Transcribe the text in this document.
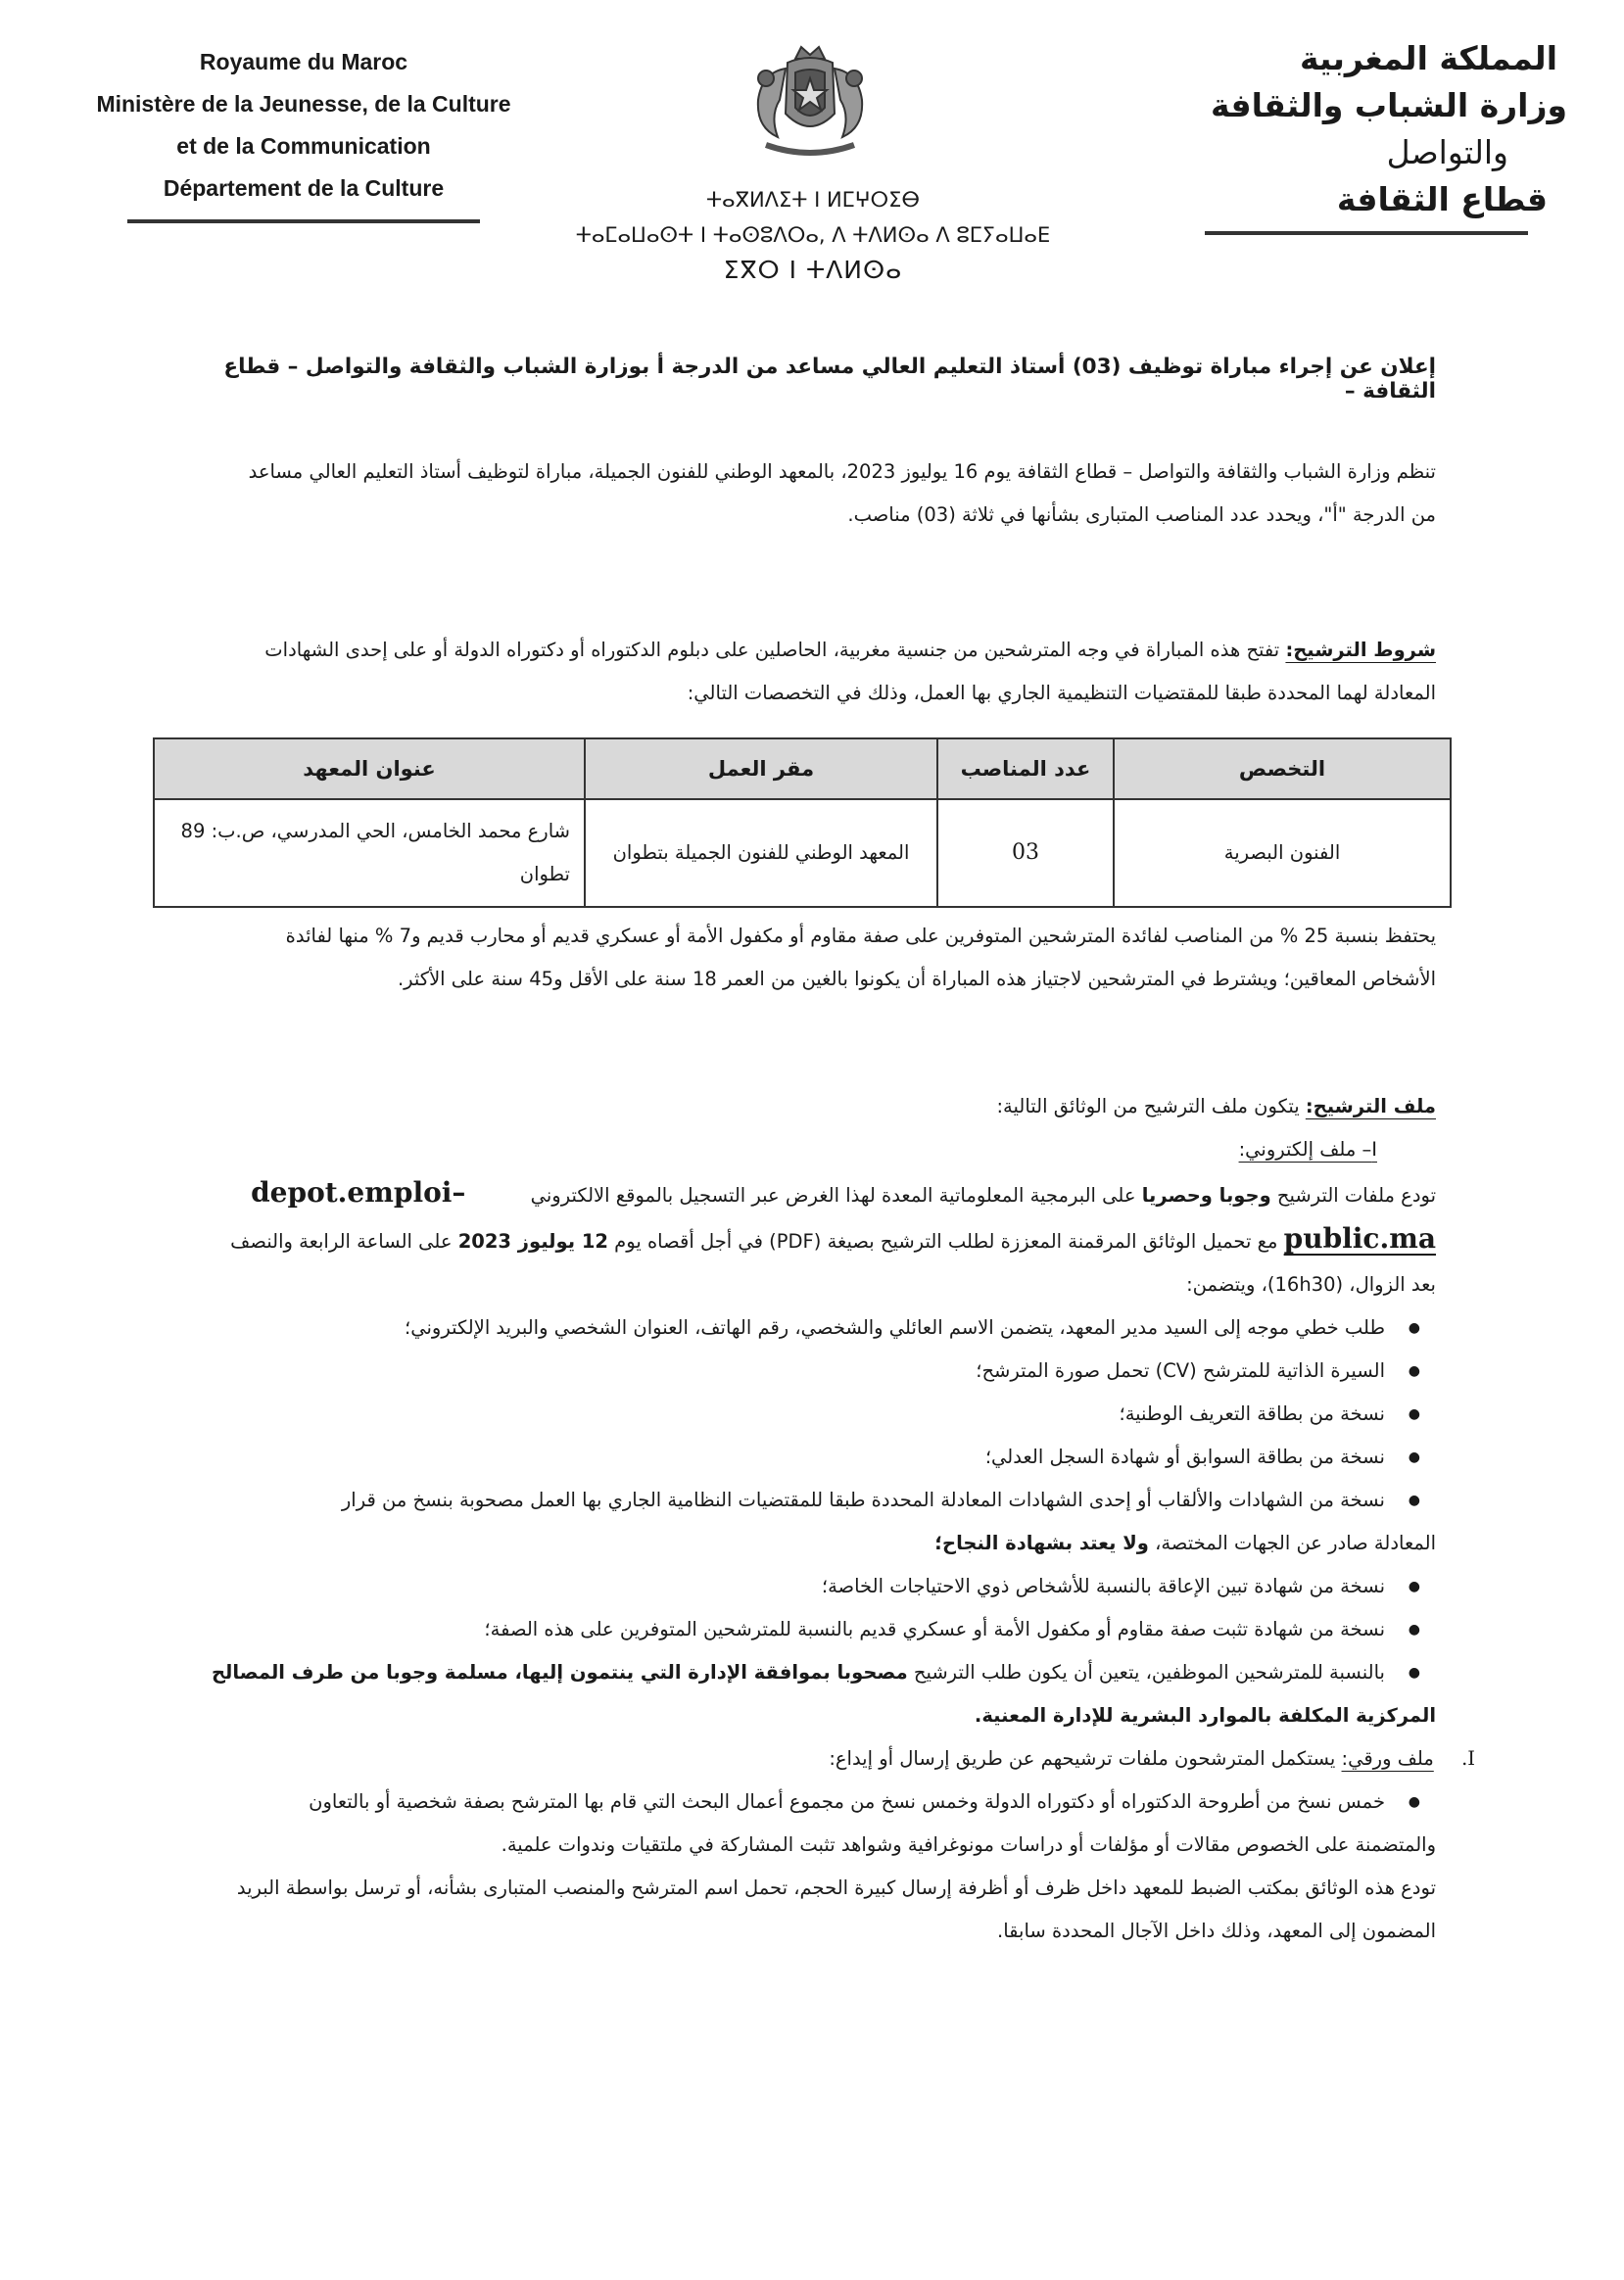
Royaume du Maroc
Ministère de la Jeunesse, de la Culture
et de la Communication
Département de la Culture	ⵜⴰⴳⵍⴷⵉⵜ ⵏ ⵍⵎⵖⵔⵉⴱ
ⵜⴰⵎⴰⵡⴰⵙⵜ ⵏ ⵜⴰⵙⵓⴷⵔⴰ, ⴷ ⵜⴷⵍⵙⴰ ⴷ ⵓⵎⵢⴰⵡⴰⴹ
ⵉⴳⵔ ⵏ ⵜⴷⵍⵙⴰ
المملكة المغربية
وزارة الشباب والثقافة
والتواصل
قطاع الثقافة
إعلان عن إجراء مباراة توظيف (03) أستاذ التعليم العالي مساعد من الدرجة أ بوزارة الشباب والثقافة والتواصل – قطاع الثقافة –
تنظم وزارة الشباب والثقافة والتواصل – قطاع الثقافة يوم 16 يوليوز 2023، بالمعهد الوطني للفنون الجميلة، مباراة لتوظيف أستاذ التعليم العالي مساعد
من الدرجة "أ"، ويحدد عدد المناصب المتبارى بشأنها في ثلاثة (03) مناصب.
شروط الترشيح: تفتح هذه المباراة في وجه المترشحين من جنسية مغربية، الحاصلين على دبلوم الدكتوراه أو دكتوراه الدولة أو على إحدى الشهادات
المعادلة لهما المحددة طبقا للمقتضيات التنظيمية الجاري بها العمل، وذلك في التخصصات التالي:
التخصص	عدد المناصب	مقر العمل	عنوان المعهد
الفنون البصرية	03	المعهد الوطني للفنون الجميلة بتطوان	شارع محمد الخامس، الحي المدرسي، ص.ب: 89
تطوان
يحتفظ بنسبة 25 % من المناصب لفائدة المترشحين المتوفرين على صفة مقاوم أو مكفول الأمة أو عسكري قديم أو محارب قديم و7 % منها لفائدة
الأشخاص المعاقين؛ ويشترط في المترشحين لاجتياز هذه المباراة أن يكونوا بالغين من العمر 18 سنة على الأقل و45 سنة على الأكثر.
ملف الترشيح: يتكون ملف الترشيح من الوثائق التالية:
I– ملف إلكتروني:
تودع ملفات الترشيح وجوبا وحصريا على البرمجية المعلوماتية المعدة لهذا الغرض عبر التسجيل بالموقع الالكتروني depot.emploi–
public.ma مع تحميل الوثائق المرقمنة المعززة لطلب الترشيح بصيغة (PDF) في أجل أقصاه يوم 12 يوليوز 2023 على الساعة الرابعة والنصف
بعد الزوال، (16h30)، ويتضمن:
● طلب خطي موجه إلى السيد مدير المعهد، يتضمن الاسم العائلي والشخصي، رقم الهاتف، العنوان الشخصي والبريد الإلكتروني؛
● السيرة الذاتية للمترشح (CV) تحمل صورة المترشح؛
● نسخة من بطاقة التعريف الوطنية؛
● نسخة من بطاقة السوابق أو شهادة السجل العدلي؛
● نسخة من الشهادات والألقاب أو إحدى الشهادات المعادلة المحددة طبقا للمقتضيات النظامية الجاري بها العمل مصحوبة بنسخ من قرار
المعادلة صادر عن الجهات المختصة، ولا يعتد بشهادة النجاح؛
● نسخة من شهادة تبين الإعاقة بالنسبة للأشخاص ذوي الاحتياجات الخاصة؛
● نسخة من شهادة تثبت صفة مقاوم أو مكفول الأمة أو عسكري قديم بالنسبة للمترشحين المتوفرين على هذه الصفة؛
● بالنسبة للمترشحين الموظفين، يتعين أن يكون طلب الترشيح مصحوبا بموافقة الإدارة التي ينتمون إليها، مسلمة وجوبا من طرف المصالح
المركزية المكلفة بالموارد البشرية للإدارة المعنية.
I. ملف ورقي: يستكمل المترشحون ملفات ترشيحهم عن طريق إرسال أو إيداع:
● خمس نسخ من أطروحة الدكتوراه أو دكتوراه الدولة وخمس نسخ من مجموع أعمال البحث التي قام بها المترشح بصفة شخصية أو بالتعاون
والمتضمنة على الخصوص مقالات أو مؤلفات أو دراسات مونوغرافية وشواهد تثبت المشاركة في ملتقيات وندوات علمية.
تودع هذه الوثائق بمكتب الضبط للمعهد داخل ظرف أو أظرفة إرسال كبيرة الحجم، تحمل اسم المترشح والمنصب المتبارى بشأنه، أو ترسل بواسطة البريد
المضمون إلى المعهد، وذلك داخل الآجال المحددة سابقا.
